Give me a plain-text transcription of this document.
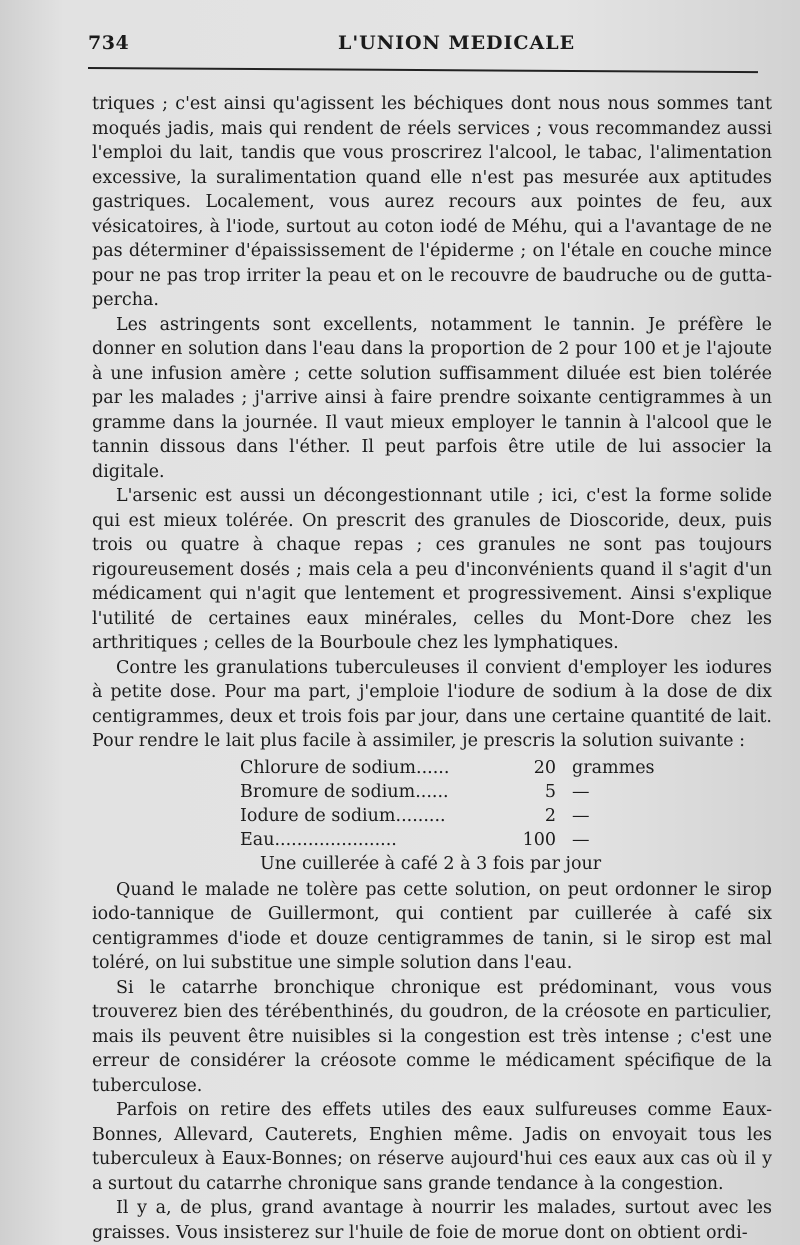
734	L'UNION MEDICALE

triques ; c'est ainsi qu'agissent les béchiques dont nous nous sommes tant moqués jadis, mais qui rendent de réels services ; vous recommandez aussi l'emploi du lait, tandis que vous proscrirez l'alcool, le tabac, l'alimentation excessive, la suralimentation quand elle n'est pas mesurée aux aptitudes gastriques. Localement, vous aurez recours aux pointes de feu, aux vésicatoires, à l'iode, surtout au coton iodé de Méhu, qui a l'avantage de ne pas déterminer d'épaississement de l'épiderme ; on l'étale en couche mince pour ne pas trop irriter la peau et on le recouvre de baudruche ou de gutta-percha.

Les astringents sont excellents, notamment le tannin. Je préfère le donner en solution dans l'eau dans la proportion de 2 pour 100 et je l'ajoute à une infusion amère ; cette solution suffisamment diluée est bien tolérée par les malades ; j'arrive ainsi à faire prendre soixante centigrammes à un gramme dans la journée. Il vaut mieux employer le tannin à l'alcool que le tannin dissous dans l'éther. Il peut parfois être utile de lui associer la digitale.

L'arsenic est aussi un décongestionnant utile ; ici, c'est la forme solide qui est mieux tolérée. On prescrit des granules de Dioscoride, deux, puis trois ou quatre à chaque repas ; ces granules ne sont pas toujours rigoureusement dosés ; mais cela a peu d'inconvénients quand il s'agit d'un médicament qui n'agit que lentement et progressivement. Ainsi s'explique l'utilité de certaines eaux minérales, celles du Mont-Dore chez les arthritiques ; celles de la Bourboule chez les lymphatiques.

Contre les granulations tuberculeuses il convient d'employer les iodures à petite dose. Pour ma part, j'emploie l'iodure de sodium à la dose de dix centigrammes, deux et trois fois par jour, dans une certaine quantité de lait. Pour rendre le lait plus facile à assimiler, je prescris la solution suivante :

Chlorure de sodium......	20 grammes
Bromure de sodium......	5 —
Iodure de sodium.........	2 —
Eau......................	100 —
Une cuillerée à café 2 à 3 fois par jour

Quand le malade ne tolère pas cette solution, on peut ordonner le sirop iodo-tannique de Guillermont, qui contient par cuillerée à café six centigrammes d'iode et douze centigrammes de tanin, si le sirop est mal toléré, on lui substitue une simple solution dans l'eau.

Si le catarrhe bronchique chronique est prédominant, vous vous trouverez bien des térébenthinés, du goudron, de la créosote en particulier, mais ils peuvent être nuisibles si la congestion est très intense ; c'est une erreur de considérer la créosote comme le médicament spécifique de la tuberculose.

Parfois on retire des effets utiles des eaux sulfureuses comme Eaux-Bonnes, Allevard, Cauterets, Enghien même. Jadis on envoyait tous les tuberculeux à Eaux-Bonnes; on réserve aujourd'hui ces eaux aux cas où il y a surtout du catarrhe chronique sans grande tendance à la congestion.

Il y a, de plus, grand avantage à nourrir les malades, surtout avec les graisses. Vous insisterez sur l'huile de foie de morue dont on obtient ordi-
